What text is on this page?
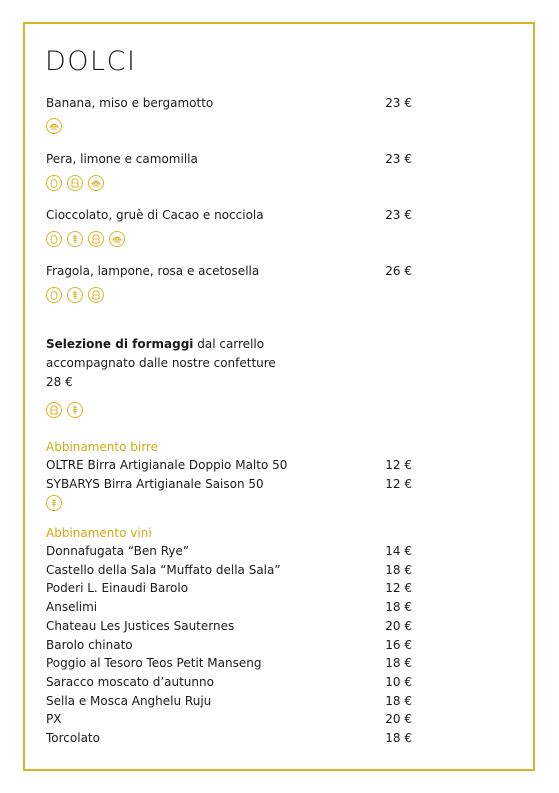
DOLCI
Banana, miso e bergamotto	23 €
Pera, limone e camomilla	23 €
Cioccolato, gruè di Cacao e nocciola	23 €
Fragola, lampone, rosa e acetosella	26 €
Selezione di formaggi dal carrello
accompagnato dalle nostre confetture
28 €
Abbinamento birre
OLTRE Birra Artigianale Doppio Malto 50	12 €
SYBARYS Birra Artigianale Saison 50	12 €
Abbinamento vini
Donnafugata “Ben Rye”	14 €
Castello della Sala “Muffato della Sala”	18 €
Poderi L. Einaudi Barolo	12 €
Anselimi	18 €
Chateau Les Justices Sauternes	20 €
Barolo chinato	16 €
Poggio al Tesoro Teos Petit Manseng	18 €
Saracco moscato d’autunno	10 €
Sella e Mosca Anghelu Ruju	18 €
PX	20 €
Torcolato	18 €
